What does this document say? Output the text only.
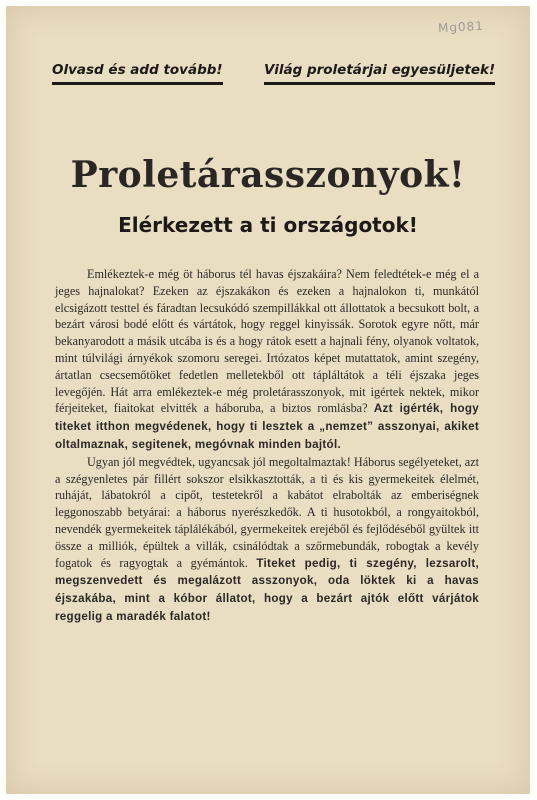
Mg081
Olvasd és add tovább!	Világ proletárjai egyesüljetek!
Proletárasszonyok!
Elérkezett a ti országotok!

Emlékeztek-e még öt háborus tél havas éjszakáira? Nem feledtétek-e még el a jeges hajnalokat? Ezeken az éjszakákon és ezeken a hajnalokon ti, munkától elcsigázott testtel és fáradtan lecsukódó szempillákkal ott állottatok a becsukott bolt, a bezárt városi bodé előtt és vártátok, hogy reggel kinyissák. Sorotok egyre nőtt, már bekanyarodott a másik utcába is és a hogy rátok esett a hajnali fény, olyanok voltatok, mint túlvilági árnyékok szomoru seregei. Irtózatos képet mutattatok, amint szegény, ártatlan csecsemőtöket fedetlen melletekből ott tápláltátok a téli éjszaka jeges levegőjén. Hát arra emlékeztek-e még proletárasszonyok, mit igértek nektek, mikor férjeiteket, fiaitokat elvitték a háboruba, a biztos romlásba? Azt igérték, hogy titeket itthon megvédenek, hogy ti lesztek a „nemzet” asszonyai, akiket oltalmaznak, segitenek, megóvnak minden bajtól.

Ugyan jól megvédtek, ugyancsak jól megoltalmaztak! Háborus segélyeteket, azt a szégyenletes pár fillért sokszor elsikkasztották, a ti és kis gyermekeitek élelmét, ruháját, lábatokról a cipőt, testetekről a kabátot elrabolták az emberiségnek leggonoszabb betyárai: a háborus nyerészkedők. A ti husotokból, a rongyaitokból, nevendék gyermekeitek táplálékából, gyermekeitek erejéből és fejlődéséből gyültek itt össze a milliók, épültek a villák, csinálódtak a szőrmebundák, robogtak a kevély fogatok és ragyogtak a gyémántok. Titeket pedig, ti szegény, lezsarolt, megszenvedett és megalázott asszonyok, oda löktek ki a havas éjszakába, mint a kóbor állatot, hogy a bezárt ajtók előtt várjátok reggelig a maradék falatot!
